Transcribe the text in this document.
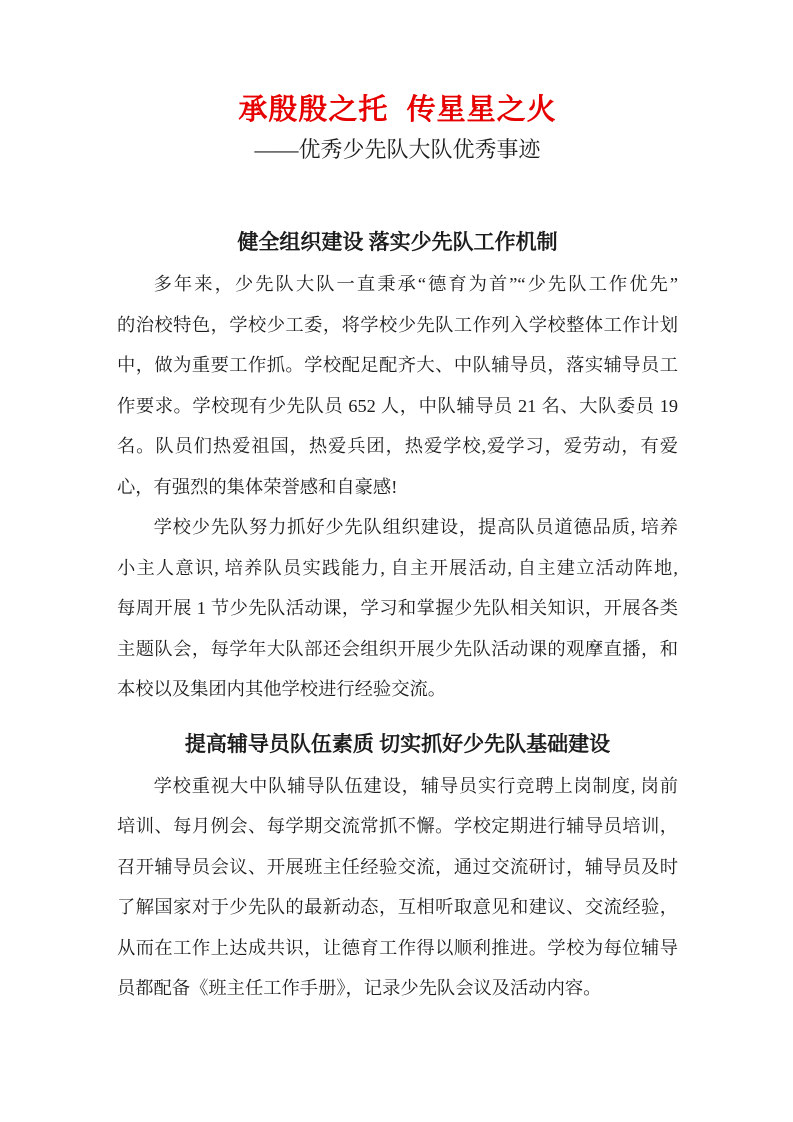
承殷殷之托 传星星之火
——优秀少先队大队优秀事迹
健全组织建设 落实少先队工作机制
多年来，少先队大队一直秉承“德育为首”“少先队工作优先”
的治校特色，学校少工委，将学校少先队工作列入学校整体工作计划
中，做为重要工作抓。学校配足配齐大、中队辅导员，落实辅导员工
作要求。学校现有少先队员 652 人，中队辅导员 21 名、大队委员 19
名。队员们热爱祖国，热爱兵团，热爱学校,爱学习，爱劳动，有爱
心，有强烈的集体荣誉感和自豪感!
学校少先队努力抓好少先队组织建设，提高队员道德品质, 培养
小主人意识, 培养队员实践能力, 自主开展活动, 自主建立活动阵地,
每周开展 1 节少先队活动课，学习和掌握少先队相关知识，开展各类
主题队会，每学年大队部还会组织开展少先队活动课的观摩直播，和
本校以及集团内其他学校进行经验交流。
提高辅导员队伍素质 切实抓好少先队基础建设
学校重视大中队辅导队伍建设，辅导员实行竞聘上岗制度, 岗前
培训、每月例会、每学期交流常抓不懈。学校定期进行辅导员培训，
召开辅导员会议、开展班主任经验交流，通过交流研讨，辅导员及时
了解国家对于少先队的最新动态，互相听取意见和建议、交流经验，
从而在工作上达成共识，让德育工作得以顺利推进。学校为每位辅导
员都配备《班主任工作手册》，记录少先队会议及活动内容。
